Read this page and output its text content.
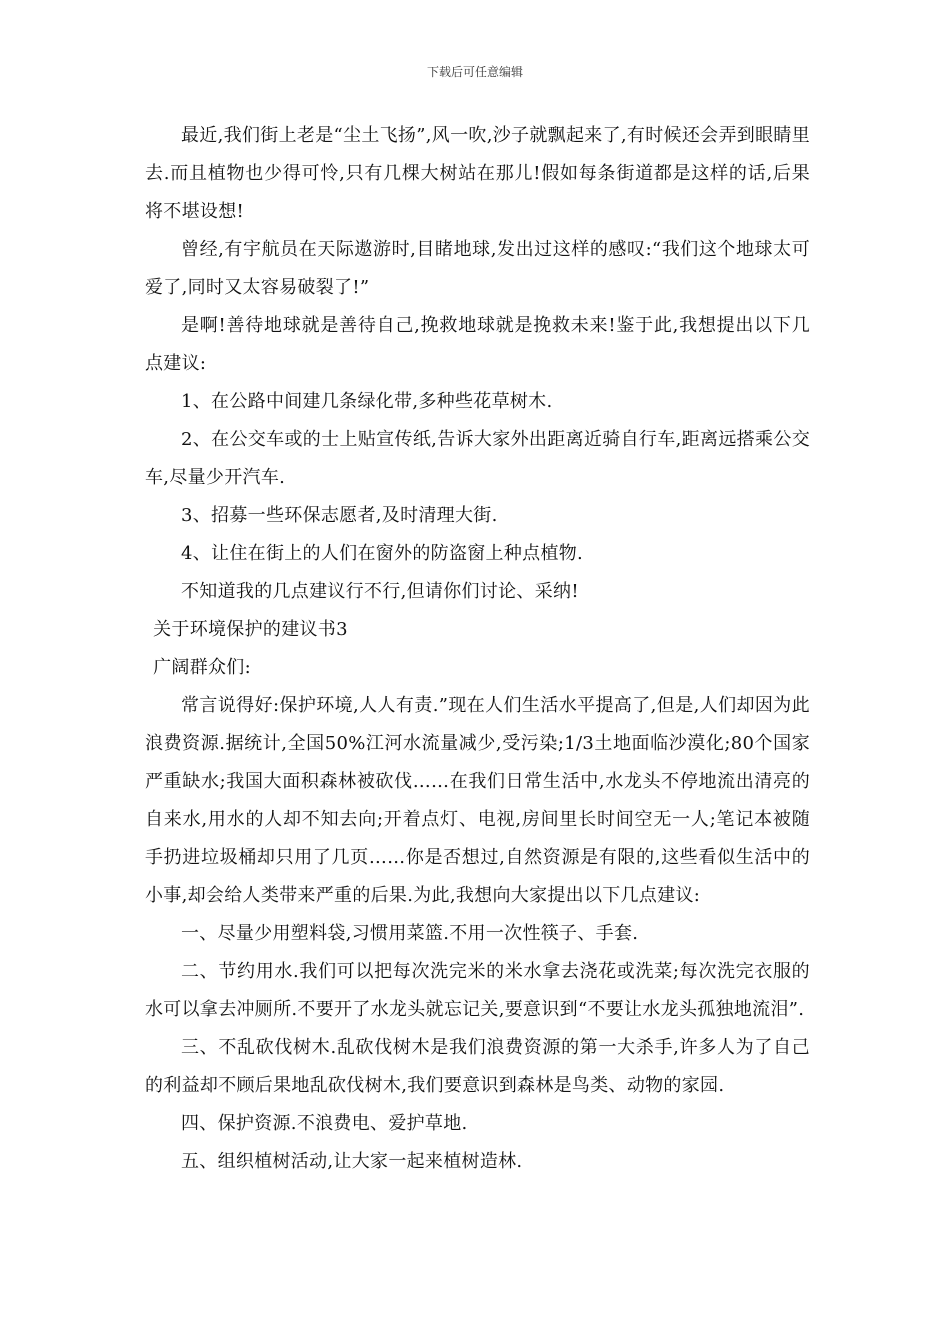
下载后可任意编辑

最近,我们街上老是“尘土飞扬”,风一吹,沙子就飘起来了,有时候还会弄到眼睛里去.而且植物也少得可怜,只有几棵大树站在那儿!假如每条街道都是这样的话,后果将不堪设想!

曾经,有宇航员在天际遨游时,目睹地球,发出过这样的感叹:“我们这个地球太可爱了,同时又太容易破裂了!”

是啊!善待地球就是善待自己,挽救地球就是挽救未来!鉴于此,我想提出以下几点建议:

1、在公路中间建几条绿化带,多种些花草树木.

2、在公交车或的士上贴宣传纸,告诉大家外出距离近骑自行车,距离远搭乘公交车,尽量少开汽车.

3、招募一些环保志愿者,及时清理大街.

4、让住在街上的人们在窗外的防盗窗上种点植物.

不知道我的几点建议行不行,但请你们讨论、采纳!

关于环境保护的建议书3

广阔群众们:

常言说得好:保护环境,人人有责.”现在人们生活水平提高了,但是,人们却因为此浪费资源.据统计,全国50%江河水流量减少,受污染;1/3土地面临沙漠化;80个国家严重缺水;我国大面积森林被砍伐……在我们日常生活中,水龙头不停地流出清亮的自来水,用水的人却不知去向;开着点灯、电视,房间里长时间空无一人;笔记本被随手扔进垃圾桶却只用了几页……你是否想过,自然资源是有限的,这些看似生活中的小事,却会给人类带来严重的后果.为此,我想向大家提出以下几点建议:

一、尽量少用塑料袋,习惯用菜篮.不用一次性筷子、手套.

二、节约用水.我们可以把每次洗完米的米水拿去浇花或洗菜;每次洗完衣服的水可以拿去冲厕所.不要开了水龙头就忘记关,要意识到“不要让水龙头孤独地流泪”.

三、不乱砍伐树木.乱砍伐树木是我们浪费资源的第一大杀手,许多人为了自己的利益却不顾后果地乱砍伐树木,我们要意识到森林是鸟类、动物的家园.

四、保护资源.不浪费电、爱护草地.

五、组织植树活动,让大家一起来植树造林.
